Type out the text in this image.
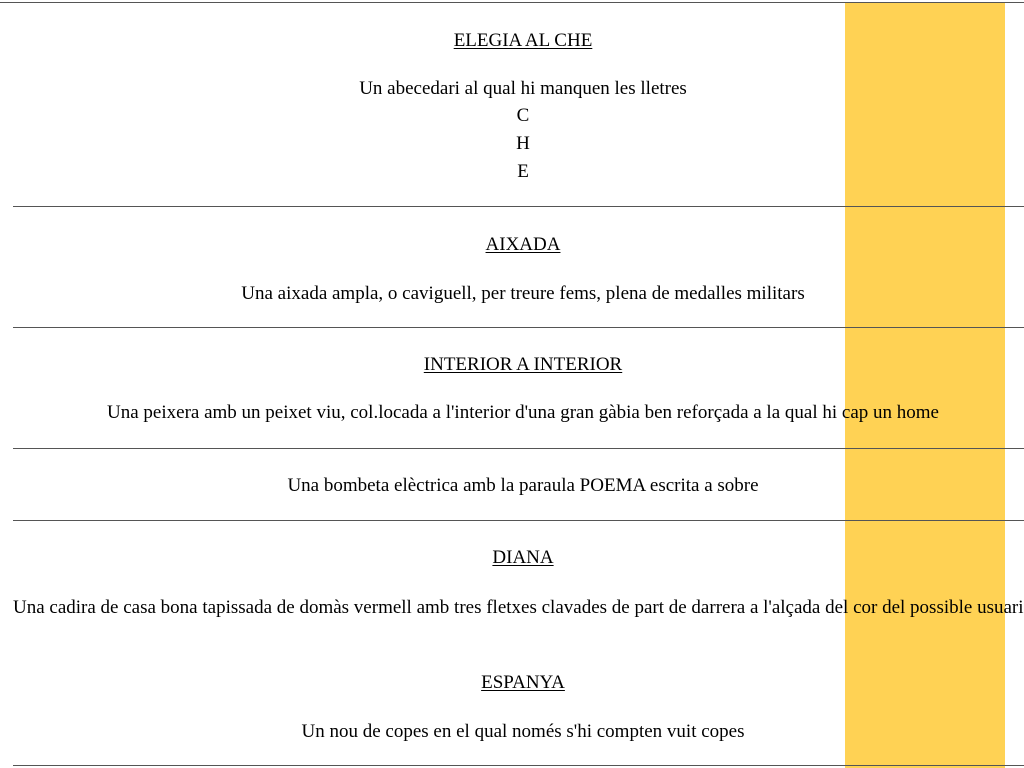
ELEGIA AL CHE
Un abecedari al qual hi manquen les lletres
C
H
E
AIXADA
Una aixada ampla, o caviguell, per treure fems, plena de medalles militars
INTERIOR A INTERIOR
Una peixera amb un peixet viu, col.locada a l'interior d'una gran gàbia ben reforçada a la qual hi cap un home
Una bombeta elèctrica amb la paraula POEMA escrita a sobre
DIANA
Una cadira de casa bona tapissada de domàs vermell amb tres fletxes clavades de part de darrera a l'alçada del cor del possible usuari
ESPANYA
Un nou de copes en el qual només s'hi compten vuit copes
